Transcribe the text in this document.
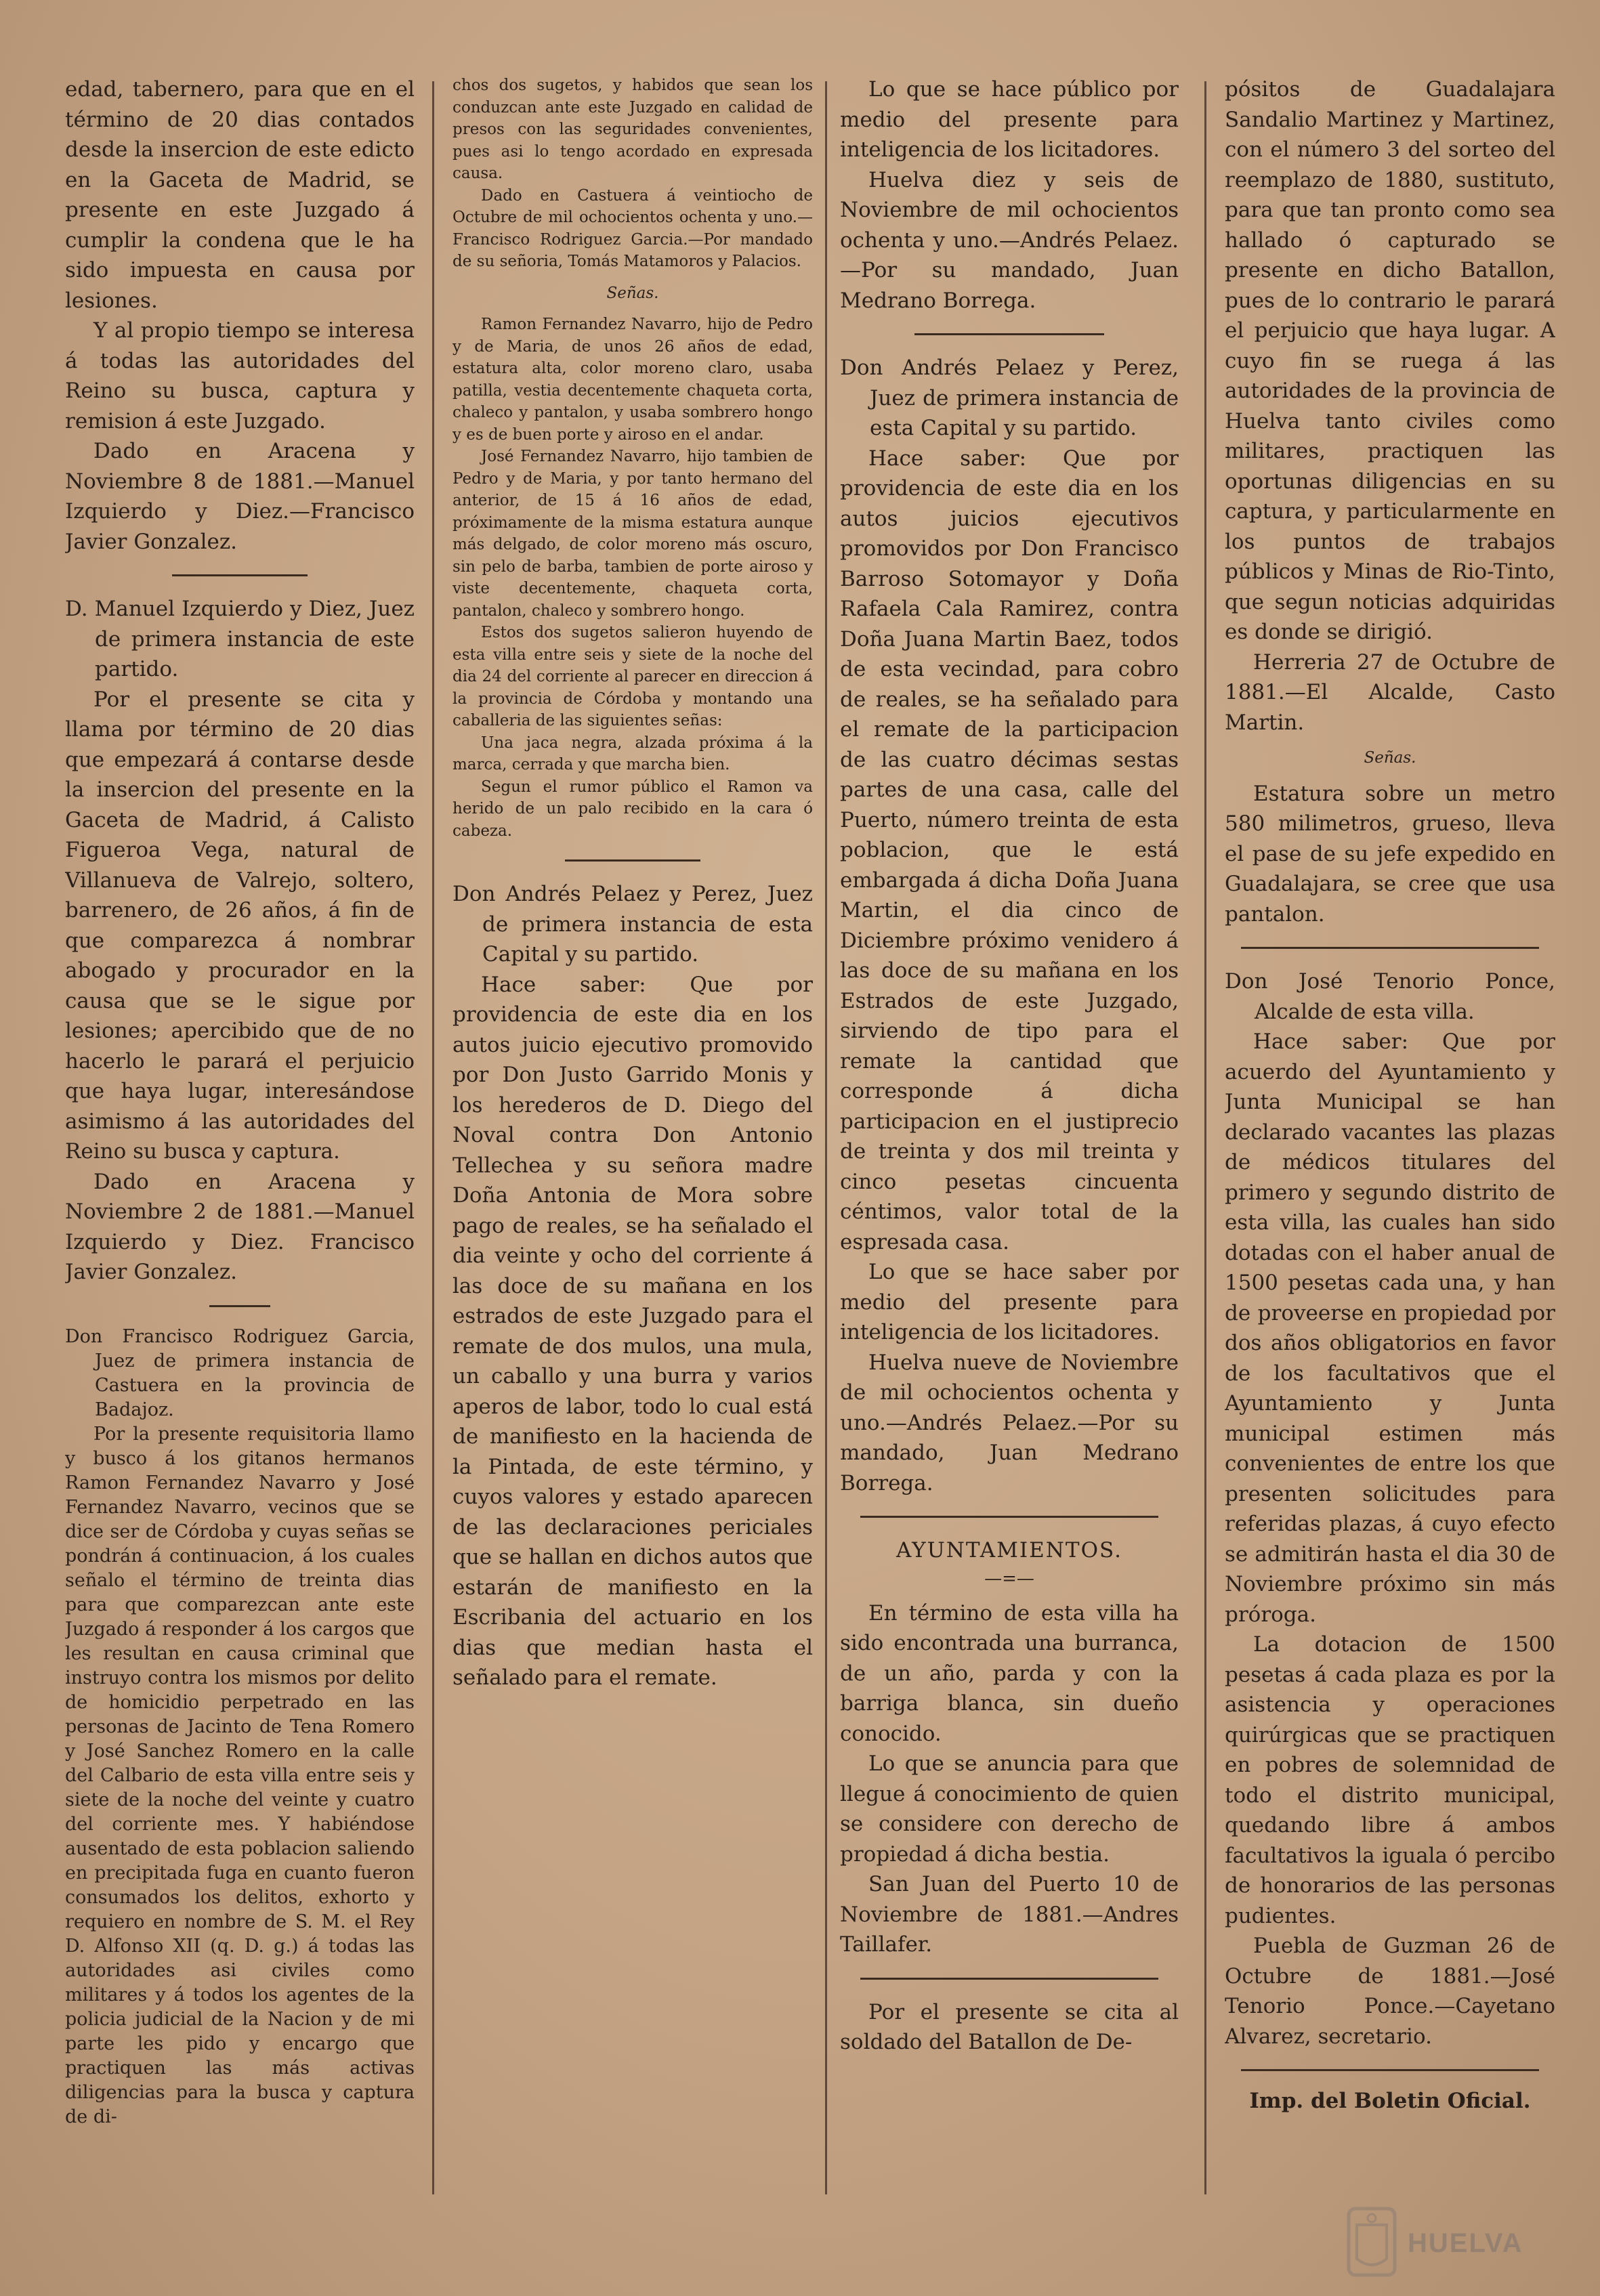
edad, tabernero, para que en el término de 20 dias contados desde la insercion de este edicto en la Gaceta de Madrid, se presente en este Juzgado á cumplir la condena que le ha sido impuesta en causa por lesiones.

Y al propio tiempo se interesa á todas las autoridades del Reino su busca, captura y remision á este Juzgado.

Dado en Aracena y Noviembre 8 de 1881.—Manuel Izquierdo y Diez.—Francisco Javier Gonzalez.

D. Manuel Izquierdo y Diez, Juez de primera instancia de este partido.

Por el presente se cita y llama por término de 20 dias que empezará á contarse desde la insercion del presente en la Gaceta de Madrid, á Calisto Figueroa Vega, natural de Villanueva de Valrejo, soltero, barrenero, de 26 años, á fin de que comparezca á nombrar abogado y procurador en la causa que se le sigue por lesiones; apercibido que de no hacerlo le parará el perjuicio que haya lugar, interesándose asimismo á las autoridades del Reino su busca y captura.

Dado en Aracena y Noviembre 2 de 1881.—Manuel Izquierdo y Diez. Francisco Javier Gonzalez.

Don Francisco Rodriguez Garcia, Juez de primera instancia de Castuera en la provincia de Badajoz.

Por la presente requisitoria llamo y busco á los gitanos hermanos Ramon Fernandez Navarro y José Fernandez Navarro, vecinos que se dice ser de Córdoba y cuyas señas se pondrán á continuacion, á los cuales señalo el término de treinta dias para que comparezcan ante este Juzgado á responder á los cargos que les resultan en causa criminal que instruyo contra los mismos por delito de homicidio perpetrado en las personas de Jacinto de Tena Romero y José Sanchez Romero en la calle del Calbario de esta villa entre seis y siete de la noche del veinte y cuatro del corriente mes. Y habiéndose ausentado de esta poblacion saliendo en precipitada fuga en cuanto fueron consumados los delitos, exhorto y requiero en nombre de S. M. el Rey D. Alfonso XII (q. D. g.) á todas las autoridades asi civiles como militares y á todos los agentes de la policia judicial de la Nacion y de mi parte les pido y encargo que practiquen las más activas diligencias para la busca y captura de di-

chos dos sugetos, y habidos que sean los conduzcan ante este Juzgado en calidad de presos con las seguridades convenientes, pues asi lo tengo acordado en expresada causa.

Dado en Castuera á veintiocho de Octubre de mil ochocientos ochenta y uno.—Francisco Rodriguez Garcia.—Por mandado de su señoria, Tomás Matamoros y Palacios.

Señas.

Ramon Fernandez Navarro, hijo de Pedro y de Maria, de unos 26 años de edad, estatura alta, color moreno claro, usaba patilla, vestia decentemente chaqueta corta, chaleco y pantalon, y usaba sombrero hongo y es de buen porte y airoso en el andar.

José Fernandez Navarro, hijo tambien de Pedro y de Maria, y por tanto hermano del anterior, de 15 á 16 años de edad, próximamente de la misma estatura aunque más delgado, de color moreno más oscuro, sin pelo de barba, tambien de porte airoso y viste decentemente, chaqueta corta, pantalon, chaleco y sombrero hongo.

Estos dos sugetos salieron huyendo de esta villa entre seis y siete de la noche del dia 24 del corriente al parecer en direccion á la provincia de Córdoba y montando una caballeria de las siguientes señas:

Una jaca negra, alzada próxima á la marca, cerrada y que marcha bien.

Segun el rumor público el Ramon va herido de un palo recibido en la cara ó cabeza.

Don Andrés Pelaez y Perez, Juez de primera instancia de esta Capital y su partido.

Hace saber: Que por providencia de este dia en los autos juicio ejecutivo promovido por Don Justo Garrido Monis y los herederos de D. Diego del Noval contra Don Antonio Tellechea y su señora madre Doña Antonia de Mora sobre pago de reales, se ha señalado el dia veinte y ocho del corriente á las doce de su mañana en los estrados de este Juzgado para el remate de dos mulos, una mula, un caballo y una burra y varios aperos de labor, todo lo cual está de manifiesto en la hacienda de la Pintada, de este término, y cuyos valores y estado aparecen de las declaraciones periciales que se hallan en dichos autos que estarán de manifiesto en la Escribania del actuario en los dias que median hasta el señalado para el remate.

Lo que se hace público por medio del presente para inteligencia de los licitadores.

Huelva diez y seis de Noviembre de mil ochocientos ochenta y uno.—Andrés Pelaez.—Por su mandado, Juan Medrano Borrega.

Don Andrés Pelaez y Perez, Juez de primera instancia de esta Capital y su partido.

Hace saber: Que por providencia de este dia en los autos juicios ejecutivos promovidos por Don Francisco Barroso Sotomayor y Doña Rafaela Cala Ramirez, contra Doña Juana Martin Baez, todos de esta vecindad, para cobro de reales, se ha señalado para el remate de la participacion de las cuatro décimas sestas partes de una casa, calle del Puerto, número treinta de esta poblacion, que le está embargada á dicha Doña Juana Martin, el dia cinco de Diciembre próximo venidero á las doce de su mañana en los Estrados de este Juzgado, sirviendo de tipo para el remate la cantidad que corresponde á dicha participacion en el justiprecio de treinta y dos mil treinta y cinco pesetas cincuenta céntimos, valor total de la espresada casa.

Lo que se hace saber por medio del presente para inteligencia de los licitadores.

Huelva nueve de Noviembre de mil ochocientos ochenta y uno.—Andrés Pelaez.—Por su mandado, Juan Medrano Borrega.

AYUNTAMIENTOS.

—=—

En término de esta villa ha sido encontrada una burranca, de un año, parda y con la barriga blanca, sin dueño conocido.

Lo que se anuncia para que llegue á conocimiento de quien se considere con derecho de propiedad á dicha bestia.

San Juan del Puerto 10 de Noviembre de 1881.—Andres Taillafer.

Por el presente se cita al soldado del Batallon de De-

pósitos de Guadalajara Sandalio Martinez y Martinez, con el número 3 del sorteo del reemplazo de 1880, sustituto, para que tan pronto como sea hallado ó capturado se presente en dicho Batallon, pues de lo contrario le parará el perjuicio que haya lugar. A cuyo fin se ruega á las autoridades de la provincia de Huelva tanto civiles como militares, practiquen las oportunas diligencias en su captura, y particularmente en los puntos de trabajos públicos y Minas de Rio-Tinto, que segun noticias adquiridas es donde se dirigió.

Herreria 27 de Octubre de 1881.—El Alcalde, Casto Martin.

Señas.

Estatura sobre un metro 580 milimetros, grueso, lleva el pase de su jefe expedido en Guadalajara, se cree que usa pantalon.

Don José Tenorio Ponce, Alcalde de esta villa.

Hace saber: Que por acuerdo del Ayuntamiento y Junta Municipal se han declarado vacantes las plazas de médicos titulares del primero y segundo distrito de esta villa, las cuales han sido dotadas con el haber anual de 1500 pesetas cada una, y han de proveerse en propiedad por dos años obligatorios en favor de los facultativos que el Ayuntamiento y Junta municipal estimen más convenientes de entre los que presenten solicitudes para referidas plazas, á cuyo efecto se admitirán hasta el dia 30 de Noviembre próximo sin más próroga.

La dotacion de 1500 pesetas á cada plaza es por la asistencia y operaciones quirúrgicas que se practiquen en pobres de solemnidad de todo el distrito municipal, quedando libre á ambos facultativos la iguala ó percibo de honorarios de las personas pudientes.

Puebla de Guzman 26 de Octubre de 1881.—José Tenorio Ponce.—Cayetano Alvarez, secretario.

Imp. del Boletin Oficial.

HUELVA
